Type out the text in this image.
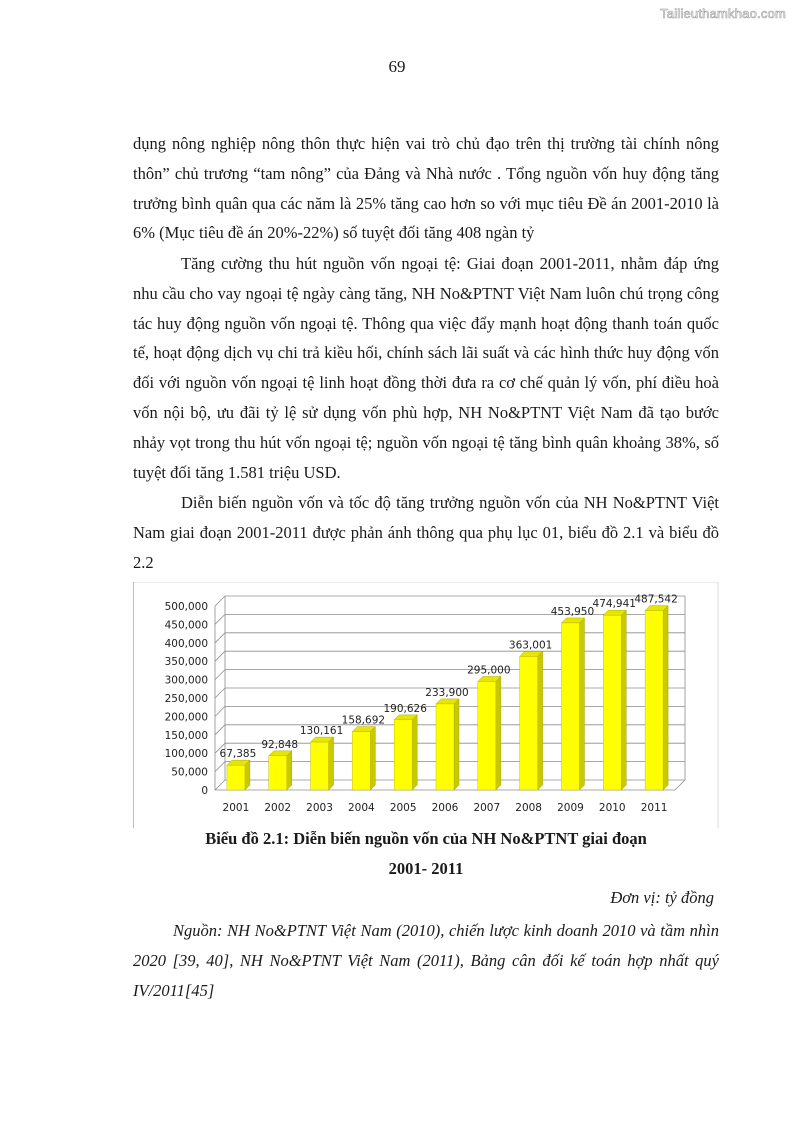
Tailieuthamkhao.com
69

dụng nông nghiệp nông thôn thực hiện vai trò chủ đạo trên thị trường tài chính nông thôn” chủ trương “tam nông” của Đảng và Nhà nước . Tổng nguồn vốn huy động tăng trưởng bình quân qua các năm là 25% tăng cao hơn so với mục tiêu Đề án 2001-2010 là 6% (Mục tiêu đề án 20%-22%) số tuyệt đối tăng 408 ngàn tỷ

Tăng cường thu hút nguồn vốn ngoại tệ: Giai đoạn 2001-2011, nhằm đáp ứng nhu cầu cho vay ngoại tệ ngày càng tăng, NH No&PTNT Việt Nam luôn chú trọng công tác huy động nguồn vốn ngoại tệ. Thông qua việc đẩy mạnh hoạt động thanh toán quốc tế, hoạt động dịch vụ chi trả kiều hối, chính sách lãi suất và các hình thức huy động vốn đối với nguồn vốn ngoại tệ linh hoạt đồng thời đưa ra cơ chế quản lý vốn, phí điều hoà vốn nội bộ, ưu đãi tỷ lệ sử dụng vốn phù hợp, NH No&PTNT Việt Nam đã tạo bước nhảy vọt trong thu hút vốn ngoại tệ; nguồn vốn ngoại tệ tăng bình quân khoảng 38%, số tuyệt đối tăng 1.581 triệu USD.

Diễn biến nguồn vốn và tốc độ tăng trưởng nguồn vốn của NH No&PTNT Việt Nam giai đoạn 2001-2011 được phản ánh thông qua phụ lục 01, biểu đồ 2.1 và biểu đồ 2.2

0
50,000
100,000
150,000
200,000
250,000
300,000
350,000
400,000
450,000
500,000
67,385
2001
92,848
2002
130,161
2003
158,692
2004
190,626
2005
233,900
2006
295,000
2007
363,001
2008
453,950
2009
474,941
2010
487,542
2011
Biểu đồ 2.1: Diễn biến nguồn vốn của NH No&PTNT giai đoạn
2001- 2011
Đơn vị: tỷ đồng

Nguồn: NH No&PTNT Việt Nam (2010), chiến lược kinh doanh 2010 và tầm nhìn 2020 [39, 40], NH No&PTNT Việt Nam (2011), Bảng cân đối kế toán hợp nhất quý IV/2011[45]
